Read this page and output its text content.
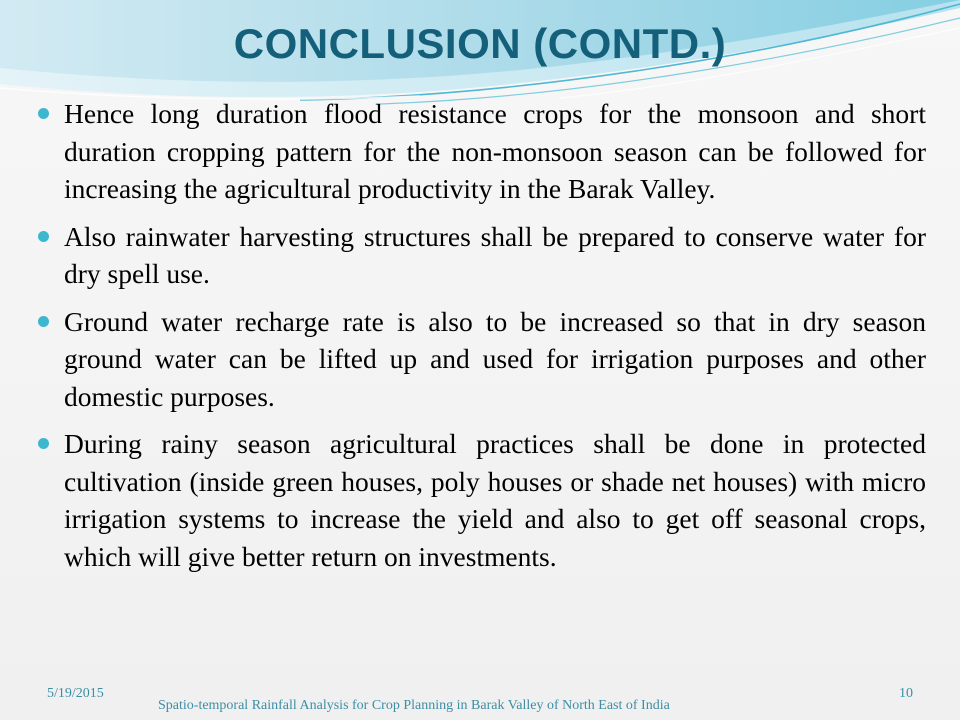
CONCLUSION (CONTD.)
Hence long duration flood resistance crops for the monsoon and short duration cropping pattern for the non-monsoon season can be followed for increasing the agricultural productivity in the Barak Valley.
Also rainwater harvesting structures shall be prepared to conserve water for dry spell use.
Ground water recharge rate is also to be increased so that in dry season ground water can be lifted up and used for irrigation purposes and other domestic purposes.
During rainy season agricultural practices shall be done in protected cultivation (inside green houses, poly houses or shade net houses) with micro irrigation systems to increase the yield and also to get off seasonal crops, which will give better return on investments.
5/19/2015
Spatio-temporal Rainfall Analysis for Crop Planning in Barak Valley of North East of India
10
